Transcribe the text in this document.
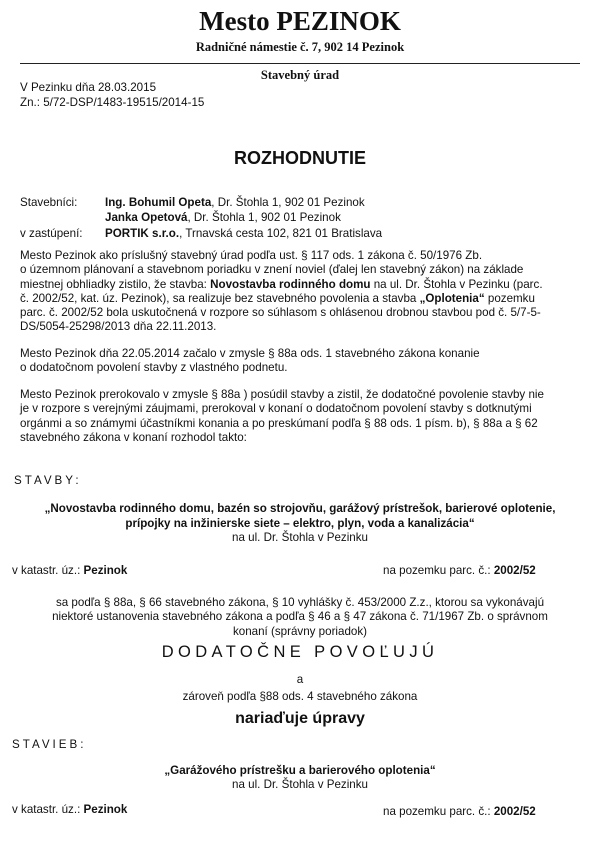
Mesto PEZINOK
Radničné námestie č. 7, 902 14 Pezinok
Stavebný úrad
V Pezinku dňa 28.03.2015
Zn.: 5/72-DSP/1483-19515/2014-15
ROZHODNUTIE
Stavebníci: Ing. Bohumil Opeta, Dr. Štohla 1, 902 01 Pezinok
Janka Opetová, Dr. Štohla 1, 902 01 Pezinok
v zastúpení: PORTIK s.r.o., Trnavská cesta 102, 821 01 Bratislava
Mesto Pezinok ako príslušný stavebný úrad podľa ust. § 117 ods. 1 zákona č. 50/1976 Zb.
o územnom plánovaní a stavebnom poriadku v znení noviel (ďalej len stavebný zákon) na základe
miestnej obhliadky zistilo, že stavba: Novostavba rodinného domu na ul. Dr. Štohla v Pezinku (parc.
č. 2002/52, kat. úz. Pezinok), sa realizuje bez stavebného povolenia a stavba „Oplotenia“ pozemku
parc. č. 2002/52 bola uskutočnená v rozpore so súhlasom s ohlásenou drobnou stavbou pod č. 5/7-5-
DS/5054-25298/2013 dňa 22.11.2013.
Mesto Pezinok dňa 22.05.2014 začalo v zmysle § 88a ods. 1 stavebného zákona konanie
o dodatočnom povolení stavby z vlastného podnetu.
Mesto Pezinok prerokovalo v zmysle § 88a ) posúdil stavby a zistil, že dodatočné povolenie stavby nie
je v rozpore s verejnými záujmami, prerokoval v konaní o dodatočnom povolení stavby s dotknutými
orgánmi a so známymi účastníkmi konania a po preskúmaní podľa § 88 ods. 1 písm. b), § 88a a § 62
stavebného zákona v konaní rozhodol takto:
STAVBY:
„Novostavba rodinného domu, bazén so strojovňu, garážový prístrešok, barierové oplotenie,
prípojky na inžinierske siete – elektro, plyn, voda a kanalizácia“
na ul. Dr. Štohla v Pezinku
v katastr. úz.: Pezinok	na pozemku parc. č.: 2002/52
sa podľa § 88a, § 66 stavebného zákona, § 10 vyhlášky č. 453/2000 Z.z., ktorou sa vykonávajú
niektoré ustanovenia stavebného zákona a podľa § 46 a § 47 zákona č. 71/1967 Zb. o správnom
konaní (správny poriadok)
DODATOČNE POVOĽUJÚ
a
zároveň podľa §88 ods. 4 stavebného zákona
nariaďuje úpravy
STAVIEB:
„Garážového prístrešku a barierového oplotenia“
na ul. Dr. Štohla v Pezinku
v katastr. úz.: Pezinok	na pozemku parc. č.: 2002/52
